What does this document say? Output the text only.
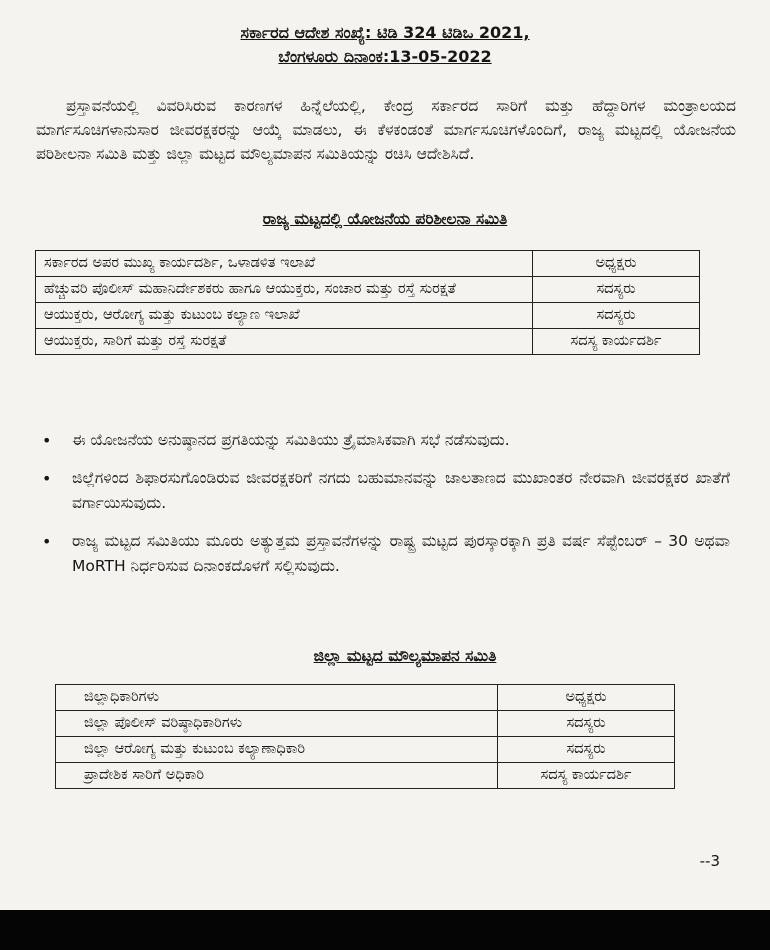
ಸರ್ಕಾರದ ಆದೇಶ ಸಂಖ್ಯೆ: ಟಿಡಿ 324 ಟಿಡಿಒ 2021,
ಬೆಂಗಳೂರು ದಿನಾಂಕ:13-05-2022
ಪ್ರಸ್ತಾವನೆಯಲ್ಲಿ ವಿವರಿಸಿರುವ ಕಾರಣಗಳ ಹಿನ್ನೆಲೆಯಲ್ಲಿ, ಕೇಂದ್ರ ಸರ್ಕಾರದ ಸಾರಿಗೆ ಮತ್ತು ಹೆದ್ದಾರಿಗಳ ಮಂತ್ರಾಲಯದ ಮಾರ್ಗಸೂಚಿಗಳಾನುಸಾರ ಜೀವರಕ್ಷಕರನ್ನು ಆಯ್ಕೆ ಮಾಡಲು, ಈ ಕೆಳಕಂಡಂತೆ ಮಾರ್ಗಸೂಚಿಗಳೊಂದಿಗೆ, ರಾಜ್ಯ ಮಟ್ಟದಲ್ಲಿ ಯೋಜನೆಯ ಪರಿಶೀಲನಾ ಸಮಿತಿ ಮತ್ತು ಜಿಲ್ಲಾ ಮಟ್ಟದ ಮೌಲ್ಯಮಾಪನ ಸಮಿತಿಯನ್ನು ರಚಿಸಿ ಆದೇಶಿಸಿದೆ.
ರಾಜ್ಯ ಮಟ್ಟದಲ್ಲಿ ಯೋಜನೆಯ ಪರಿಶೀಲನಾ ಸಮಿತಿ
ಸರ್ಕಾರದ ಅಪರ ಮುಖ್ಯ ಕಾರ್ಯದರ್ಶಿ, ಒಳಾಡಳಿತ ಇಲಾಖೆ	ಅಧ್ಯಕ್ಷರು
ಹೆಚ್ಚುವರಿ ಪೊಲೀಸ್ ಮಹಾನಿರ್ದೇಶಕರು ಹಾಗೂ ಆಯುಕ್ತರು, ಸಂಚಾರ ಮತ್ತು ರಸ್ತೆ ಸುರಕ್ಷತೆ	ಸದಸ್ಯರು
ಆಯುಕ್ತರು, ಆರೋಗ್ಯ ಮತ್ತು ಕುಟುಂಬ ಕಲ್ಯಾಣ ಇಲಾಖೆ	ಸದಸ್ಯರು
ಆಯುಕ್ತರು, ಸಾರಿಗೆ ಮತ್ತು ರಸ್ತೆ ಸುರಕ್ಷತೆ	ಸದಸ್ಯ ಕಾರ್ಯದರ್ಶಿ
• ಈ ಯೋಜನೆಯ ಅನುಷ್ಠಾನದ ಪ್ರಗತಿಯನ್ನು ಸಮಿತಿಯು ತ್ರೈಮಾಸಿಕವಾಗಿ ಸಭೆ ನಡೆಸುವುದು.
• ಜಿಲ್ಲೆಗಳಿಂದ ಶಿಫಾರಸುಗೊಂಡಿರುವ ಜೀವರಕ್ಷಕರಿಗೆ ನಗದು ಬಹುಮಾನವನ್ನು ಜಾಲತಾಣದ ಮುಖಾಂತರ ನೇರವಾಗಿ ಜೀವರಕ್ಷಕರ ಖಾತೆಗೆ ವರ್ಗಾಯಿಸುವುದು.
• ರಾಜ್ಯ ಮಟ್ಟದ ಸಮಿತಿಯು ಮೂರು ಅತ್ಯುತ್ತಮ ಪ್ರಸ್ತಾವನೆಗಳನ್ನು ರಾಷ್ಟ್ರ ಮಟ್ಟದ ಪುರಸ್ಕಾರಕ್ಕಾಗಿ ಪ್ರತಿ ವರ್ಷ ಸೆಪ್ಟೆಂಬರ್ – 30 ಅಥವಾ MoRTH ನಿರ್ಧರಿಸುವ ದಿನಾಂಕದೊಳಗೆ ಸಲ್ಲಿಸುವುದು.
ಜಿಲ್ಲಾ ಮಟ್ಟದ ಮೌಲ್ಯಮಾಪನ ಸಮಿತಿ
ಜಿಲ್ಲಾಧಿಕಾರಿಗಳು	ಅಧ್ಯಕ್ಷರು
ಜಿಲ್ಲಾ ಪೊಲೀಸ್ ವರಿಷ್ಠಾಧಿಕಾರಿಗಳು	ಸದಸ್ಯರು
ಜಿಲ್ಲಾ ಆರೋಗ್ಯ ಮತ್ತು ಕುಟುಂಬ ಕಲ್ಯಾಣಾಧಿಕಾರಿ	ಸದಸ್ಯರು
ಪ್ರಾದೇಶಿಕ ಸಾರಿಗೆ ಅಧಿಕಾರಿ	ಸದಸ್ಯ ಕಾರ್ಯದರ್ಶಿ
--3
